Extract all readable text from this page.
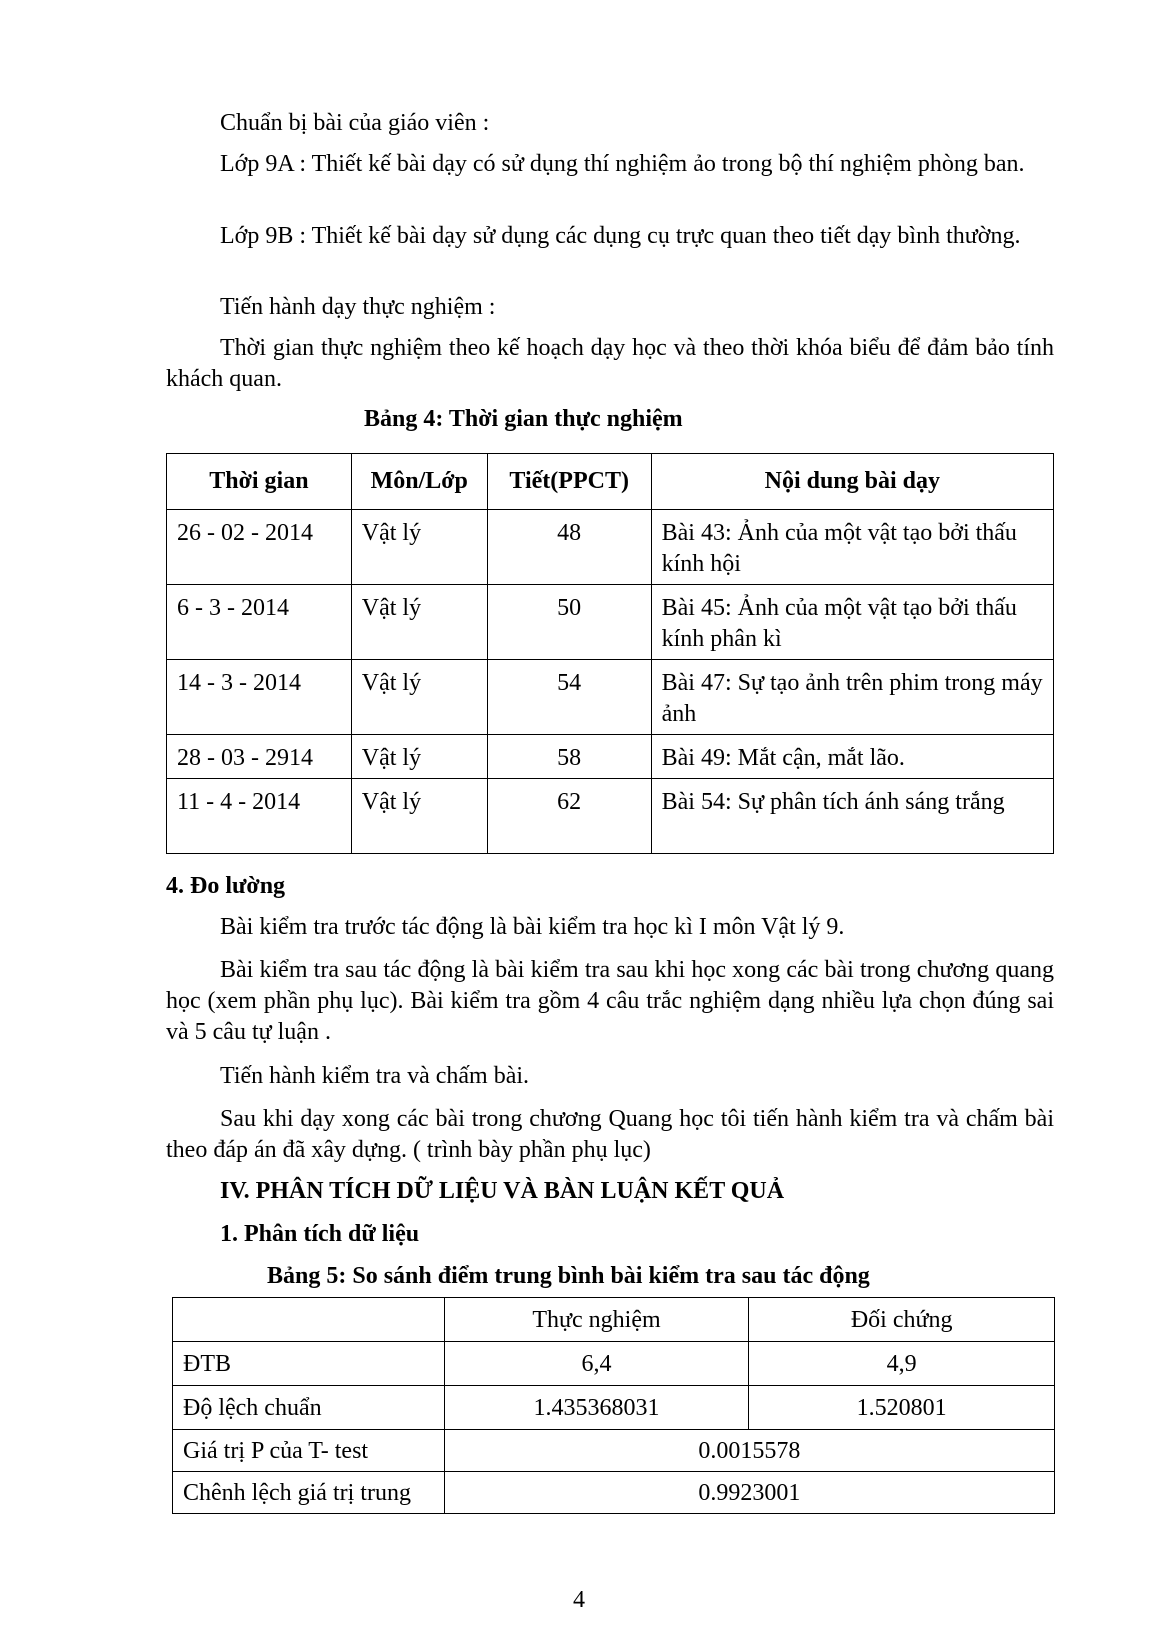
Chuẩn bị bài của giáo viên :

Lớp 9A : Thiết kế bài dạy có sử dụng thí nghiệm ảo trong bộ thí nghiệm phòng ban.

Lớp 9B : Thiết kế bài dạy sử dụng các dụng cụ trực quan theo tiết dạy bình thường.

Tiến hành dạy thực nghiệm :

Thời gian thực nghiệm theo kế hoạch dạy học và theo thời khóa biểu để đảm bảo tính khách quan.

Bảng 4: Thời gian thực nghiệm

Thời gian	Môn/Lớp	Tiết(PPCT)	Nội dung bài dạy
26 - 02 - 2014	Vật lý	48	Bài 43: Ảnh của một vật tạo bởi thấu kính hội
6 - 3 - 2014	Vật lý	50	Bài 45: Ảnh của một vật tạo bởi thấu kính phân kì
14 - 3 - 2014	Vật lý	54	Bài 47: Sự tạo ảnh trên phim trong máy ảnh
28 - 03 - 2914	Vật lý	58	Bài 49: Mắt cận, mắt lão.
11 - 4 - 2014	Vật lý	62	Bài 54: Sự phân tích ánh sáng trắng

4. Đo lường

Bài kiểm tra trước tác động là bài kiểm tra học kì I môn Vật lý 9.

Bài kiểm tra sau tác động là bài kiểm tra sau khi học xong các bài trong chương quang học (xem phần phụ lục). Bài kiểm tra gồm 4 câu trắc nghiệm dạng nhiều lựa chọn đúng sai và 5 câu tự luận .

Tiến hành kiểm tra và chấm bài.

Sau khi dạy xong các bài trong chương Quang học tôi tiến hành kiểm tra và chấm bài theo đáp án đã xây dựng. ( trình bày phần phụ lục)

IV. PHÂN TÍCH DỮ LIỆU VÀ BÀN LUẬN KẾT QUẢ

1. Phân tích dữ liệu

Bảng 5: So sánh điểm trung bình bài kiểm tra sau tác động

	Thực nghiệm	Đối chứng
ĐTB	6,4	4,9
Độ lệch chuẩn	1.435368031	1.520801
Giá trị P của T- test	0.0015578	
Chênh lệch giá trị trung	0.9923001	
4
